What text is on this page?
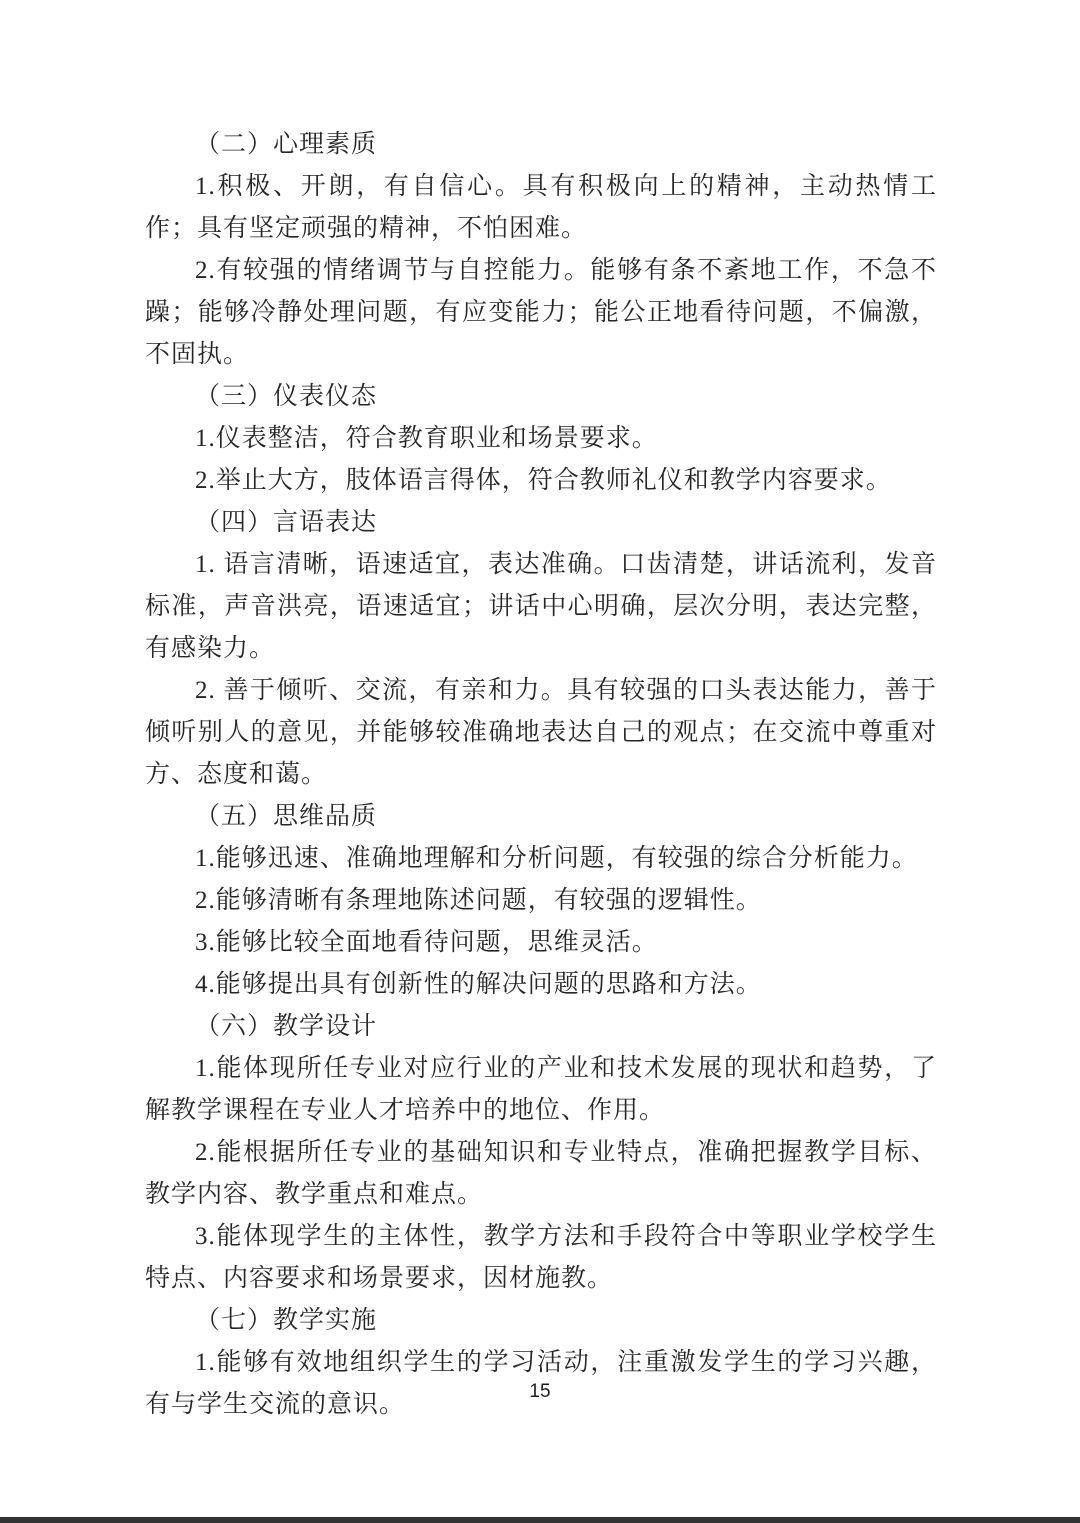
（二）心理素质

1.积极、开朗，有自信心。具有积极向上的精神，主动热情工作；具有坚定顽强的精神，不怕困难。

2.有较强的情绪调节与自控能力。能够有条不紊地工作，不急不躁；能够冷静处理问题，有应变能力；能公正地看待问题，不偏激，不固执。

（三）仪表仪态

1.仪表整洁，符合教育职业和场景要求。

2.举止大方，肢体语言得体，符合教师礼仪和教学内容要求。

（四）言语表达

1. 语言清晰，语速适宜，表达准确。口齿清楚，讲话流利，发音标准，声音洪亮，语速适宜；讲话中心明确，层次分明，表达完整，有感染力。

2. 善于倾听、交流，有亲和力。具有较强的口头表达能力，善于倾听别人的意见，并能够较准确地表达自己的观点；在交流中尊重对方、态度和蔼。

（五）思维品质

1.能够迅速、准确地理解和分析问题，有较强的综合分析能力。

2.能够清晰有条理地陈述问题，有较强的逻辑性。

3.能够比较全面地看待问题，思维灵活。

4.能够提出具有创新性的解决问题的思路和方法。

（六）教学设计

1.能体现所任专业对应行业的产业和技术发展的现状和趋势，了解教学课程在专业人才培养中的地位、作用。

2.能根据所任专业的基础知识和专业特点，准确把握教学目标、教学内容、教学重点和难点。

3.能体现学生的主体性，教学方法和手段符合中等职业学校学生特点、内容要求和场景要求，因材施教。

（七）教学实施

1.能够有效地组织学生的学习活动，注重激发学生的学习兴趣，有与学生交流的意识。	15
